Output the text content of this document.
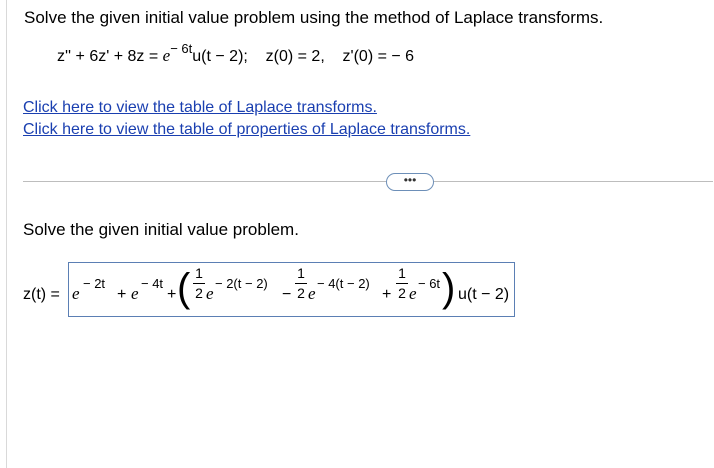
Solve the given initial value problem using the method of Laplace transforms.
$z'' + 6z' + 8z = e^{- 6t}u(t - 2)$; z(0) = 2, z'(0) = − 6
Click here to view the table of Laplace transforms.
Click here to view the table of properties of Laplace transforms.
•••
Solve the given initial value problem.
z(t) = e
− 2t
+ e
− 4t
+ ( 1
2 e
− 2(t − 2)
−
1
2 e
− 4(t − 2)
+
1
2 e
− 6t ) u(t − 2)
